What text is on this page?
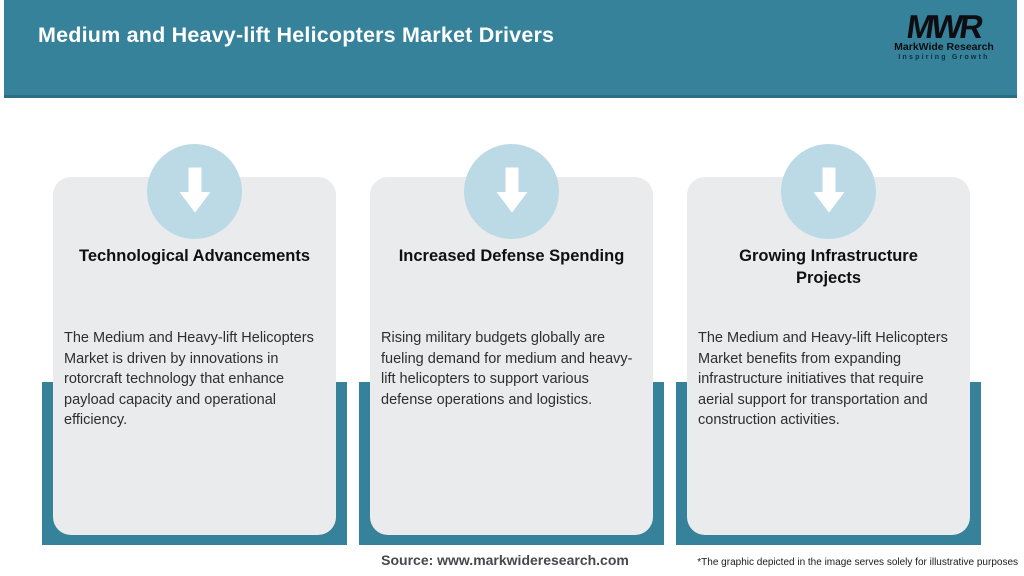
Medium and Heavy-lift Helicopters Market Drivers	MWR
MarkWide Research
Inspiring Growth
Technological Advancements
The Medium and Heavy-lift Helicopters Market is driven by innovations in rotorcraft technology that enhance payload capacity and operational efficiency.
Increased Defense Spending
Rising military budgets globally are fueling demand for medium and heavy-lift helicopters to support various defense operations and logistics.
Growing Infrastructure Projects
The Medium and Heavy-lift Helicopters Market benefits from expanding infrastructure initiatives that require aerial support for transportation and construction activities.
Source: www.markwideresearch.com	*The graphic depicted in the image serves solely for illustrative purposes
